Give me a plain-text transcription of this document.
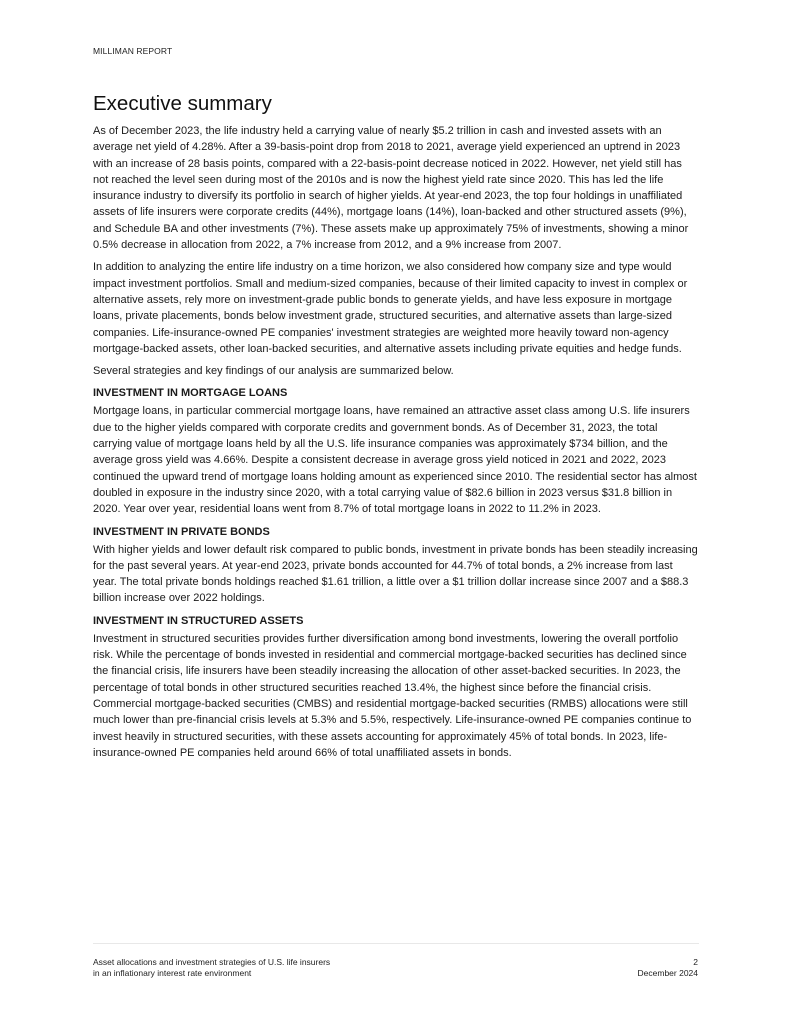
MILLIMAN REPORT
Executive summary

As of December 2023, the life industry held a carrying value of nearly $5.2 trillion in cash and invested assets with an average net yield of 4.28%. After a 39-basis-point drop from 2018 to 2021, average yield experienced an uptrend in 2023 with an increase of 28 basis points, compared with a 22-basis-point decrease noticed in 2022. However, net yield still has not reached the level seen during most of the 2010s and is now the highest yield rate since 2020. This has led the life insurance industry to diversify its portfolio in search of higher yields. At year-end 2023, the top four holdings in unaffiliated assets of life insurers were corporate credits (44%), mortgage loans (14%), loan-backed and other structured assets (9%), and Schedule BA and other investments (7%). These assets make up approximately 75% of investments, showing a minor 0.5% decrease in allocation from 2022, a 7% increase from 2012, and a 9% increase from 2007.

In addition to analyzing the entire life industry on a time horizon, we also considered how company size and type would impact investment portfolios. Small and medium-sized companies, because of their limited capacity to invest in complex or alternative assets, rely more on investment-grade public bonds to generate yields, and have less exposure in mortgage loans, private placements, bonds below investment grade, structured securities, and alternative assets than large-sized companies. Life-insurance-owned PE companies' investment strategies are weighted more heavily toward non-agency mortgage-backed assets, other loan-backed securities, and alternative assets including private equities and hedge funds.

Several strategies and key findings of our analysis are summarized below.

INVESTMENT IN MORTGAGE LOANS

Mortgage loans, in particular commercial mortgage loans, have remained an attractive asset class among U.S. life insurers due to the higher yields compared with corporate credits and government bonds. As of December 31, 2023, the total carrying value of mortgage loans held by all the U.S. life insurance companies was approximately $734 billion, and the average gross yield was 4.66%. Despite a consistent decrease in average gross yield noticed in 2021 and 2022, 2023 continued the upward trend of mortgage loans holding amount as experienced since 2010. The residential sector has almost doubled in exposure in the industry since 2020, with a total carrying value of $82.6 billion in 2023 versus $31.8 billion in 2020. Year over year, residential loans went from 8.7% of total mortgage loans in 2022 to 11.2% in 2023.

INVESTMENT IN PRIVATE BONDS

With higher yields and lower default risk compared to public bonds, investment in private bonds has been steadily increasing for the past several years. At year-end 2023, private bonds accounted for 44.7% of total bonds, a 2% increase from last year. The total private bonds holdings reached $1.61 trillion, a little over a $1 trillion dollar increase since 2007 and a $88.3 billion increase over 2022 holdings.

INVESTMENT IN STRUCTURED ASSETS

Investment in structured securities provides further diversification among bond investments, lowering the overall portfolio risk. While the percentage of bonds invested in residential and commercial mortgage-backed securities has declined since the financial crisis, life insurers have been steadily increasing the allocation of other asset-backed securities. In 2023, the percentage of total bonds in other structured securities reached 13.4%, the highest since before the financial crisis. Commercial mortgage-backed securities (CMBS) and residential mortgage-backed securities (RMBS) allocations were still much lower than pre-financial crisis levels at 5.3% and 5.5%, respectively. Life-insurance-owned PE companies continue to invest heavily in structured securities, with these assets accounting for approximately 45% of total bonds. In 2023, life-insurance-owned PE companies held around 66% of total unaffiliated assets in bonds.

Asset allocations and investment strategies of U.S. life insurers
in an inflationary interest rate environment
2
December 2024
